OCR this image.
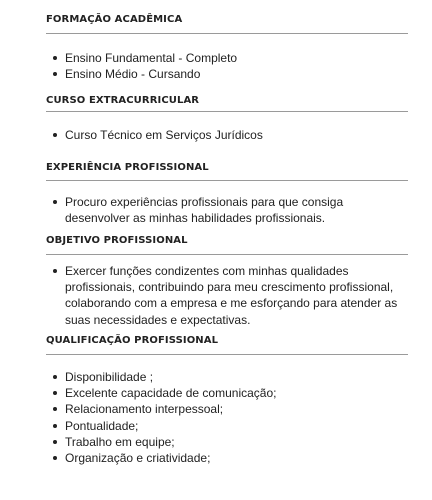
FORMAÇÃO ACADÊMICA
Ensino Fundamental - Completo
Ensino Médio - Cursando
CURSO EXTRACURRICULAR
Curso Técnico em Serviços Jurídicos
EXPERIÊNCIA PROFISSIONAL
Procuro experiências profissionais para que consiga desenvolver as minhas habilidades profissionais.
OBJETIVO PROFISSIONAL
Exercer funções condizentes com minhas qualidades profissionais, contribuindo para meu crescimento profissional, colaborando com a empresa e me esforçando para atender as suas necessidades e expectativas.
QUALIFICAÇÃO PROFISSIONAL
Disponibilidade ;
Excelente capacidade de comunicação;
Relacionamento interpessoal;
Pontualidade;
Trabalho em equipe;
Organização e criatividade;
